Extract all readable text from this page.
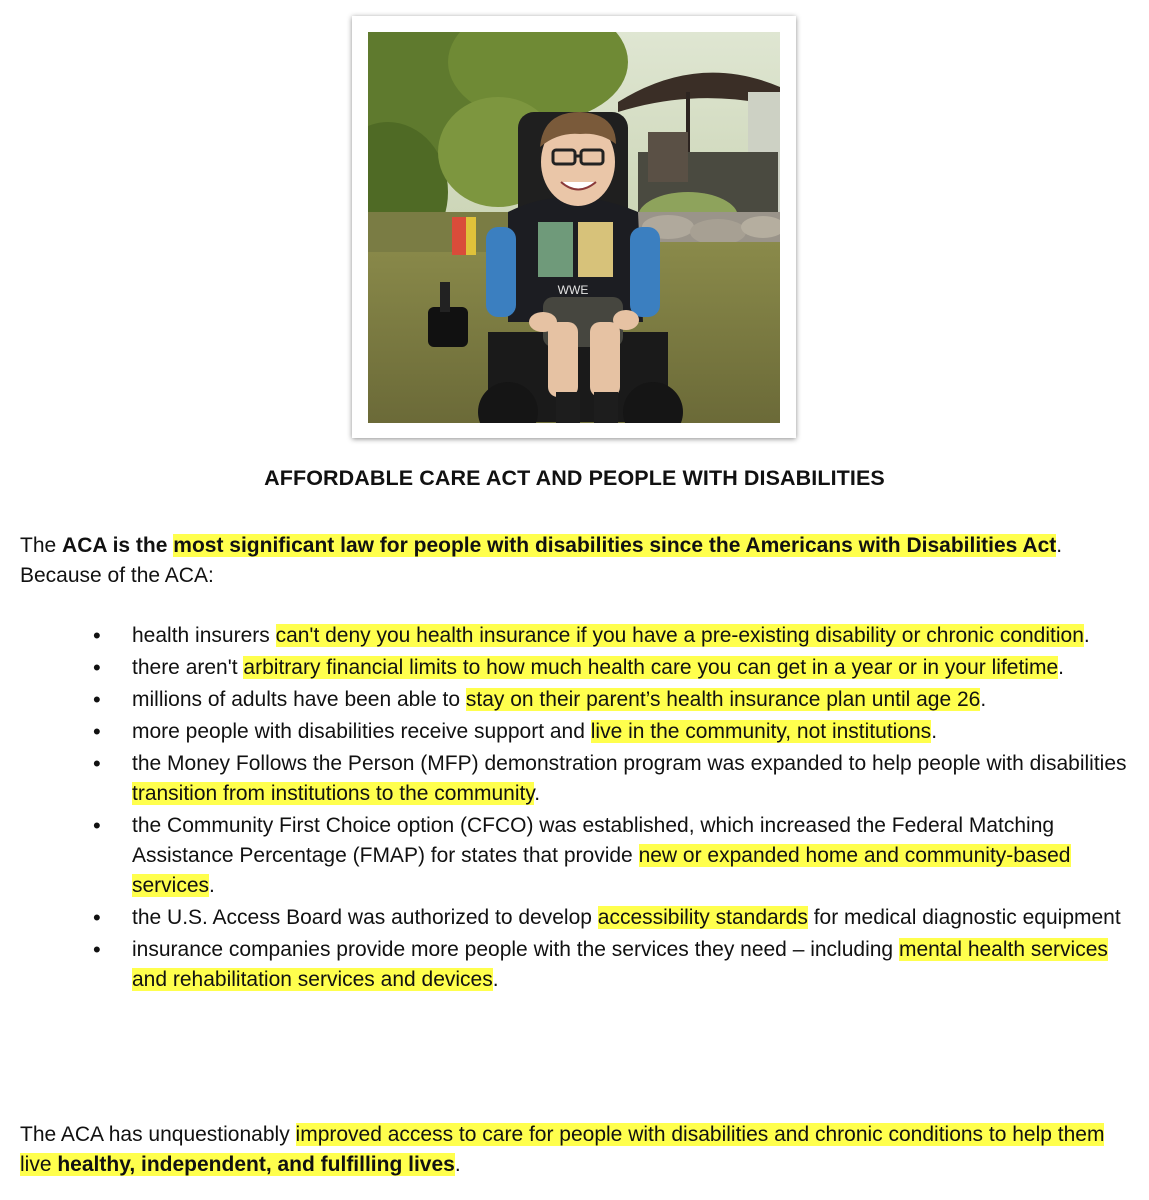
WWE
AFFORDABLE CARE ACT AND PEOPLE WITH DISABILITIES

The ACA is the most significant law for people with disabilities since the Americans with Disabilities Act.
Because of the ACA:

• health insurers can't deny you health insurance if you have a pre-existing disability or chronic condition.
• there aren't arbitrary financial limits to how much health care you can get in a year or in your lifetime.
• millions of adults have been able to stay on their parent’s health insurance plan until age 26.
• more people with disabilities receive support and live in the community, not institutions.
• the Money Follows the Person (MFP) demonstration program was expanded to help people with disabilities transition from institutions to the community.
• the Community First Choice option (CFCO) was established, which increased the Federal Matching Assistance Percentage (FMAP) for states that provide new or expanded home and community-based services.
• the U.S. Access Board was authorized to develop accessibility standards for medical diagnostic equipment
• insurance companies provide more people with the services they need – including mental health services and rehabilitation services and devices.

The ACA has unquestionably improved access to care for people with disabilities and chronic conditions to help them live healthy, independent, and fulfilling lives.
